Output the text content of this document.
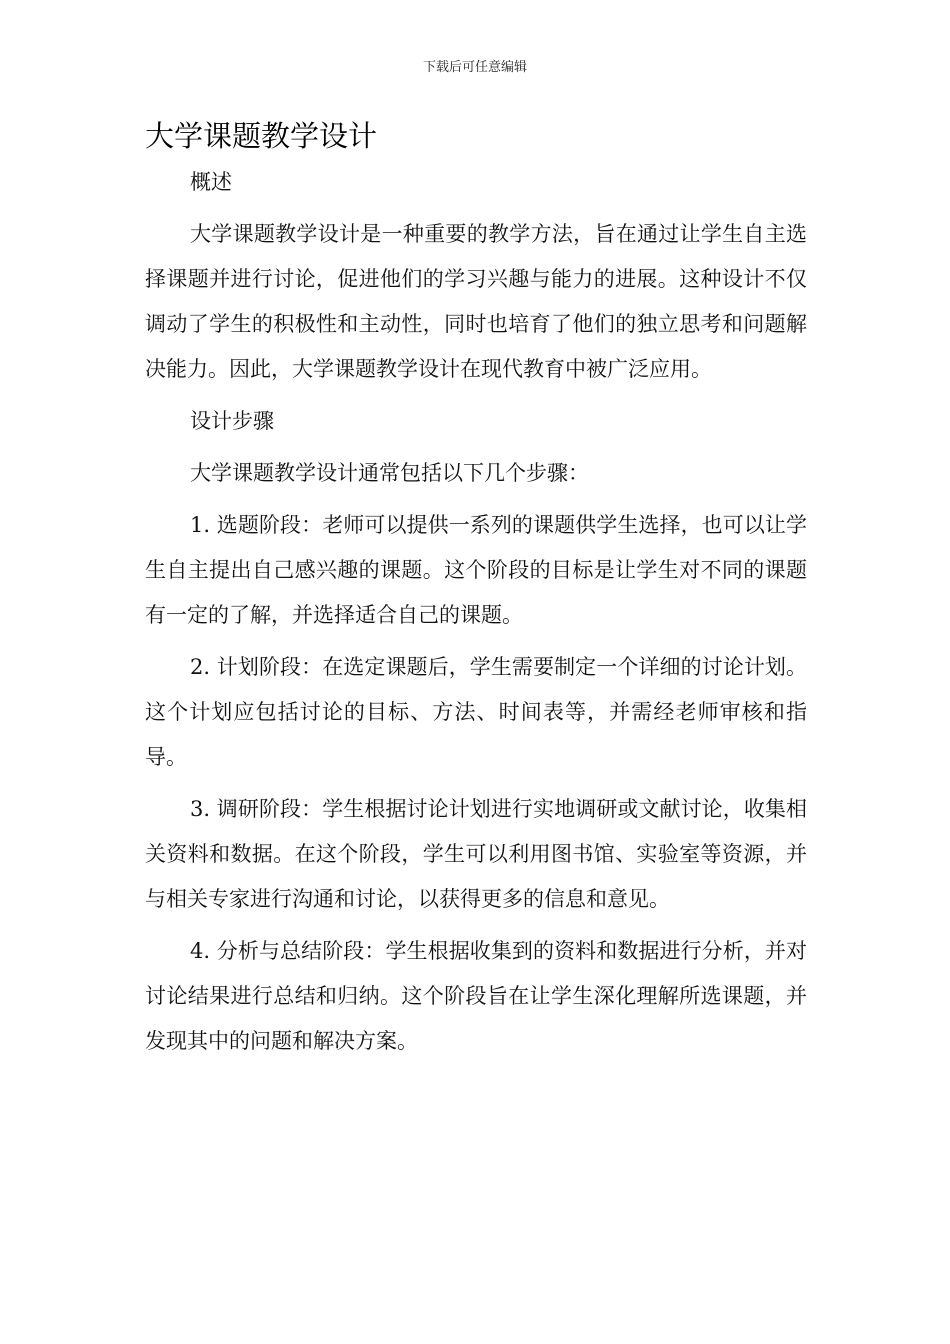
下载后可任意编辑
大学课题教学设计

概述

大学课题教学设计是一种重要的教学方法，旨在通过让学生自主选择课题并进行讨论，促进他们的学习兴趣与能力的进展。这种设计不仅调动了学生的积极性和主动性，同时也培育了他们的独立思考和问题解决能力。因此，大学课题教学设计在现代教育中被广泛应用。

设计步骤

大学课题教学设计通常包括以下几个步骤：

1. 选题阶段：老师可以提供一系列的课题供学生选择，也可以让学生自主提出自己感兴趣的课题。这个阶段的目标是让学生对不同的课题有一定的了解，并选择适合自己的课题。

2. 计划阶段：在选定课题后，学生需要制定一个详细的讨论计划。这个计划应包括讨论的目标、方法、时间表等，并需经老师审核和指导。

3. 调研阶段：学生根据讨论计划进行实地调研或文献讨论，收集相关资料和数据。在这个阶段，学生可以利用图书馆、实验室等资源，并与相关专家进行沟通和讨论，以获得更多的信息和意见。

4. 分析与总结阶段：学生根据收集到的资料和数据进行分析，并对讨论结果进行总结和归纳。这个阶段旨在让学生深化理解所选课题，并发现其中的问题和解决方案。
